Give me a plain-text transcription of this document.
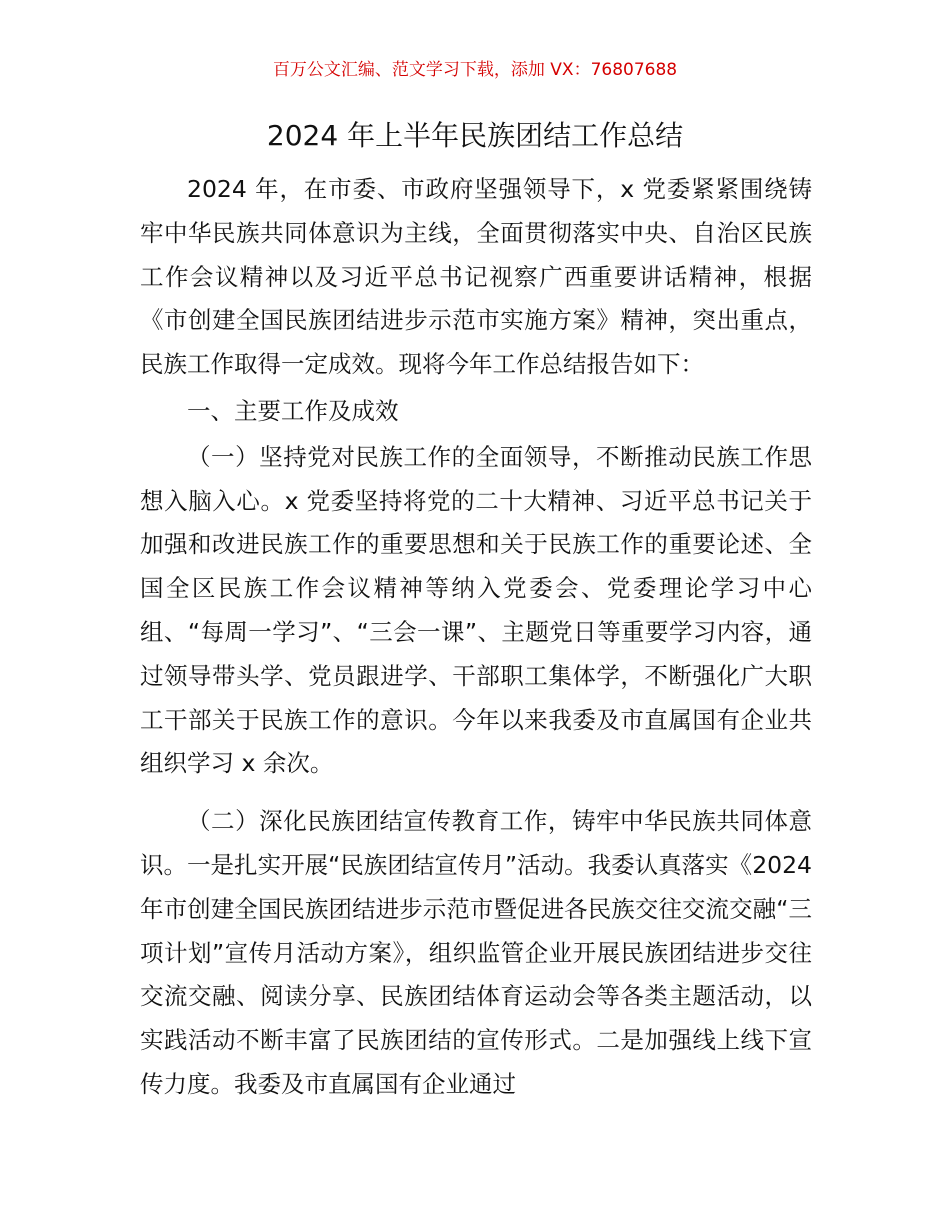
百万公文汇编、范文学习下载，添加 VX：76807688
2024 年上半年民族团结工作总结

2024 年，在市委、市政府坚强领导下，x 党委紧紧围绕铸牢中华民族共同体意识为主线，全面贯彻落实中央、自治区民族工作会议精神以及习近平总书记视察广西重要讲话精神，根据《市创建全国民族团结进步示范市实施方案》精神，突出重点，民族工作取得一定成效。现将今年工作总结报告如下：

一、主要工作及成效

（一）坚持党对民族工作的全面领导，不断推动民族工作思想入脑入心。x 党委坚持将党的二十大精神、习近平总书记关于加强和改进民族工作的重要思想和关于民族工作的重要论述、全国全区民族工作会议精神等纳入党委会、党委理论学习中心组、“每周一学习”、“三会一课”、主题党日等重要学习内容，通过领导带头学、党员跟进学、干部职工集体学，不断强化广大职工干部关于民族工作的意识。今年以来我委及市直属国有企业共组织学习 x 余次。

（二）深化民族团结宣传教育工作，铸牢中华民族共同体意识。一是扎实开展“民族团结宣传月”活动。我委认真落实《2024 年市创建全国民族团结进步示范市暨促进各民族交往交流交融“三项计划”宣传月活动方案》，组织监管企业开展民族团结进步交往交流交融、阅读分享、民族团结体育运动会等各类主题活动，以实践活动不断丰富了民族团结的宣传形式。二是加强线上线下宣传力度。我委及市直属国有企业通过
